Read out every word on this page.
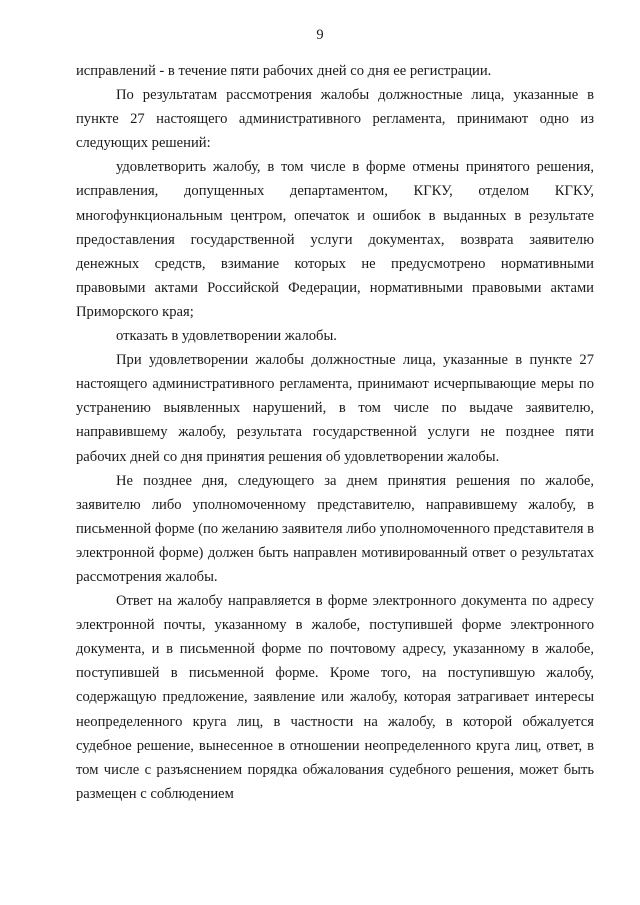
9

исправлений - в течение пяти рабочих дней со дня ее регистрации.

По результатам рассмотрения жалобы должностные лица, указанные в пункте 27 настоящего административного регламента, принимают одно из следующих решений:

удовлетворить жалобу, в том числе в форме отмены принятого решения, исправления, допущенных департаментом, КГКУ, отделом КГКУ, многофункциональным центром, опечаток и ошибок в выданных в результате предоставления государственной услуги документах, возврата заявителю денежных средств, взимание которых не предусмотрено нормативными правовыми актами Российской Федерации, нормативными правовыми актами Приморского края;

отказать в удовлетворении жалобы.

При удовлетворении жалобы должностные лица, указанные в пункте 27 настоящего административного регламента, принимают исчерпывающие меры по устранению выявленных нарушений, в том числе по выдаче заявителю, направившему жалобу, результата государственной услуги не позднее пяти рабочих дней со дня принятия решения об удовлетворении жалобы.

Не позднее дня, следующего за днем принятия решения по жалобе, заявителю либо уполномоченному представителю, направившему жалобу, в письменной форме (по желанию заявителя либо уполномоченного представителя в электронной форме) должен быть направлен мотивированный ответ о результатах рассмотрения жалобы.

Ответ на жалобу направляется в форме электронного документа по адресу электронной почты, указанному в жалобе, поступившей форме электронного документа, и в письменной форме по почтовому адресу, указанному в жалобе, поступившей в письменной форме. Кроме того, на поступившую жалобу, содержащую предложение, заявление или жалобу, которая затрагивает интересы неопределенного круга лиц, в частности на жалобу, в которой обжалуется судебное решение, вынесенное в отношении неопределенного круга лиц, ответ, в том числе с разъяснением порядка обжалования судебного решения, может быть размещен с соблюдением
